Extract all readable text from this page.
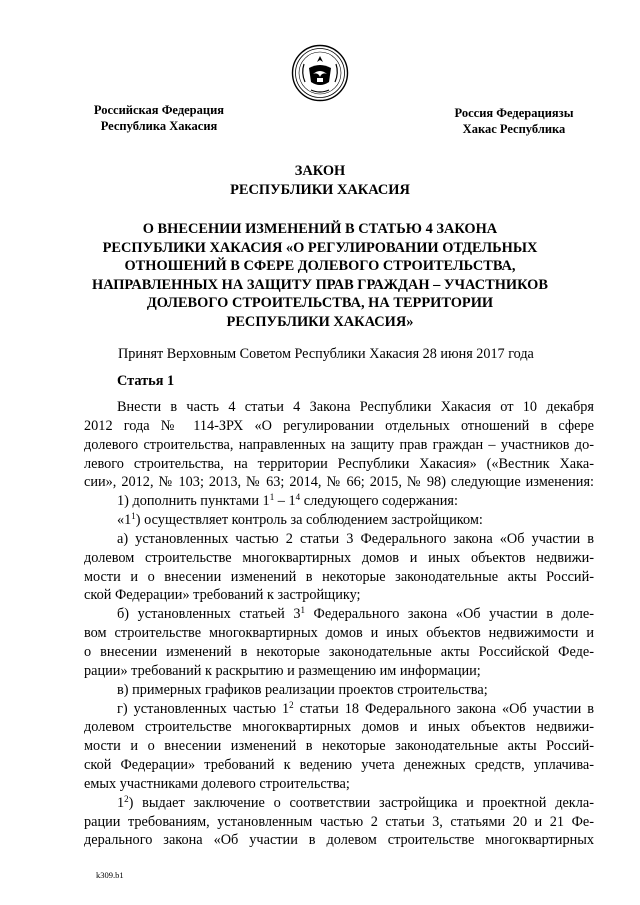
Российская Федерация
Республика Хакасия
Россия Федерациязы
Хакас Республика
ЗАКОН
РЕСПУБЛИКИ ХАКАСИЯ
О ВНЕСЕНИИ ИЗМЕНЕНИЙ В СТАТЬЮ 4 ЗАКОНА
РЕСПУБЛИКИ ХАКАСИЯ «О РЕГУЛИРОВАНИИ ОТДЕЛЬНЫХ
ОТНОШЕНИЙ В СФЕРЕ ДОЛЕВОГО СТРОИТЕЛЬСТВА,
НАПРАВЛЕННЫХ НА ЗАЩИТУ ПРАВ ГРАЖДАН – УЧАСТНИКОВ
ДОЛЕВОГО СТРОИТЕЛЬСТВА, НА ТЕРРИТОРИИ
РЕСПУБЛИКИ ХАКАСИЯ»
Принят Верховным Советом Республики Хакасия 28 июня 2017 года
Статья 1
Внести в часть 4 статьи 4 Закона Республики Хакасия от 10 декабря
2012 года № 114-ЗРХ «О регулировании отдельных отношений в сфере
долевого строительства, направленных на защиту прав граждан – участников до-
левого строительства, на территории Республики Хакасия» («Вестник Хака-
сии», 2012, № 103; 2013, № 63; 2014, № 66; 2015, № 98) следующие изменения:
1) дополнить пунктами $1^1 - 1^4$ следующего содержания:
«$1^1$) осуществляет контроль за соблюдением застройщиком:
а) установленных частью 2 статьи 3 Федерального закона «Об участии в
долевом строительстве многоквартирных домов и иных объектов недвижи-
мости и о внесении изменений в некоторые законодательные акты Россий-
ской Федерации» требований к застройщику;
б) установленных статьей $3^1$ Федерального закона «Об участии в доле-
вом строительстве многоквартирных домов и иных объектов недвижимости и
о внесении изменений в некоторые законодательные акты Российской Феде-
рации» требований к раскрытию и размещению им информации;
в) примерных графиков реализации проектов строительства;
г) установленных частью $1^2$ статьи 18 Федерального закона «Об участии в
долевом строительстве многоквартирных домов и иных объектов недвижи-
мости и о внесении изменений в некоторые законодательные акты Россий-
ской Федерации» требований к ведению учета денежных средств, уплачива-
емых участниками долевого строительства;
$1^2$) выдает заключение о соответствии застройщика и проектной декла-
рации требованиям, установленным частью 2 статьи 3, статьями 20 и 21 Фе-
дерального закона «Об участии в долевом строительстве многоквартирных
k309.b1
